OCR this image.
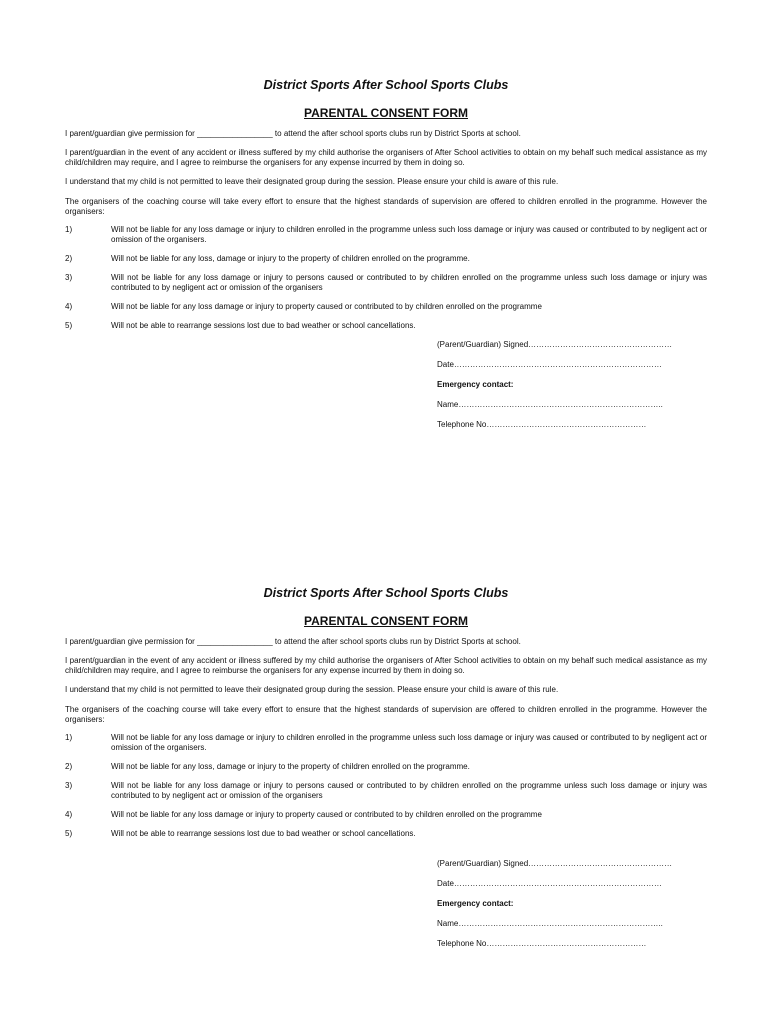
District Sports After School Sports Clubs
PARENTAL CONSENT FORM

I parent/guardian give permission for _________________ to attend the after school sports clubs run by District Sports at school.

I parent/guardian in the event of any accident or illness suffered by my child authorise the organisers of After School activities to obtain on my behalf such medical assistance as my child/children may require, and I agree to reimburse the organisers for any expense incurred by them in doing so.

I understand that my child is not permitted to leave their designated group during the session. Please ensure your child is aware of this rule.

The organisers of the coaching course will take every effort to ensure that the highest standards of supervision are offered to children enrolled in the programme. However the organisers:

1)	Will not be liable for any loss damage or injury to children enrolled in the programme unless such loss damage or injury was caused or contributed to by negligent act or omission of the organisers.
2)	Will not be liable for any loss, damage or injury to the property of children enrolled on the programme.
3)	Will not be liable for any loss damage or injury to persons caused or contributed to by children enrolled on the programme unless such loss damage or injury was contributed to by negligent act or omission of the organisers
4)	Will not be liable for any loss damage or injury to property caused or contributed to by children enrolled on the programme
5)	Will not be able to rearrange sessions lost due to bad weather or school cancellations.
(Parent/Guardian) Signed………………………………………………
Date……………………………………………………………………
Emergency contact:
Name…………………………………………………………………..
Telephone No……………………………………………………
District Sports After School Sports Clubs
PARENTAL CONSENT FORM

I parent/guardian give permission for _________________ to attend the after school sports clubs run by District Sports at school.

I parent/guardian in the event of any accident or illness suffered by my child authorise the organisers of After School activities to obtain on my behalf such medical assistance as my child/children may require, and I agree to reimburse the organisers for any expense incurred by them in doing so.

I understand that my child is not permitted to leave their designated group during the session. Please ensure your child is aware of this rule.

The organisers of the coaching course will take every effort to ensure that the highest standards of supervision are offered to children enrolled in the programme. However the organisers:

1)	Will not be liable for any loss damage or injury to children enrolled in the programme unless such loss damage or injury was caused or contributed to by negligent act or omission of the organisers.
2)	Will not be liable for any loss, damage or injury to the property of children enrolled on the programme.
3)	Will not be liable for any loss damage or injury to persons caused or contributed to by children enrolled on the programme unless such loss damage or injury was contributed to by negligent act or omission of the organisers
4)	Will not be liable for any loss damage or injury to property caused or contributed to by children enrolled on the programme
5)	Will not be able to rearrange sessions lost due to bad weather or school cancellations.
(Parent/Guardian) Signed………………………………………………
Date……………………………………………………………………
Emergency contact:
Name…………………………………………………………………..
Telephone No……………………………………………………
